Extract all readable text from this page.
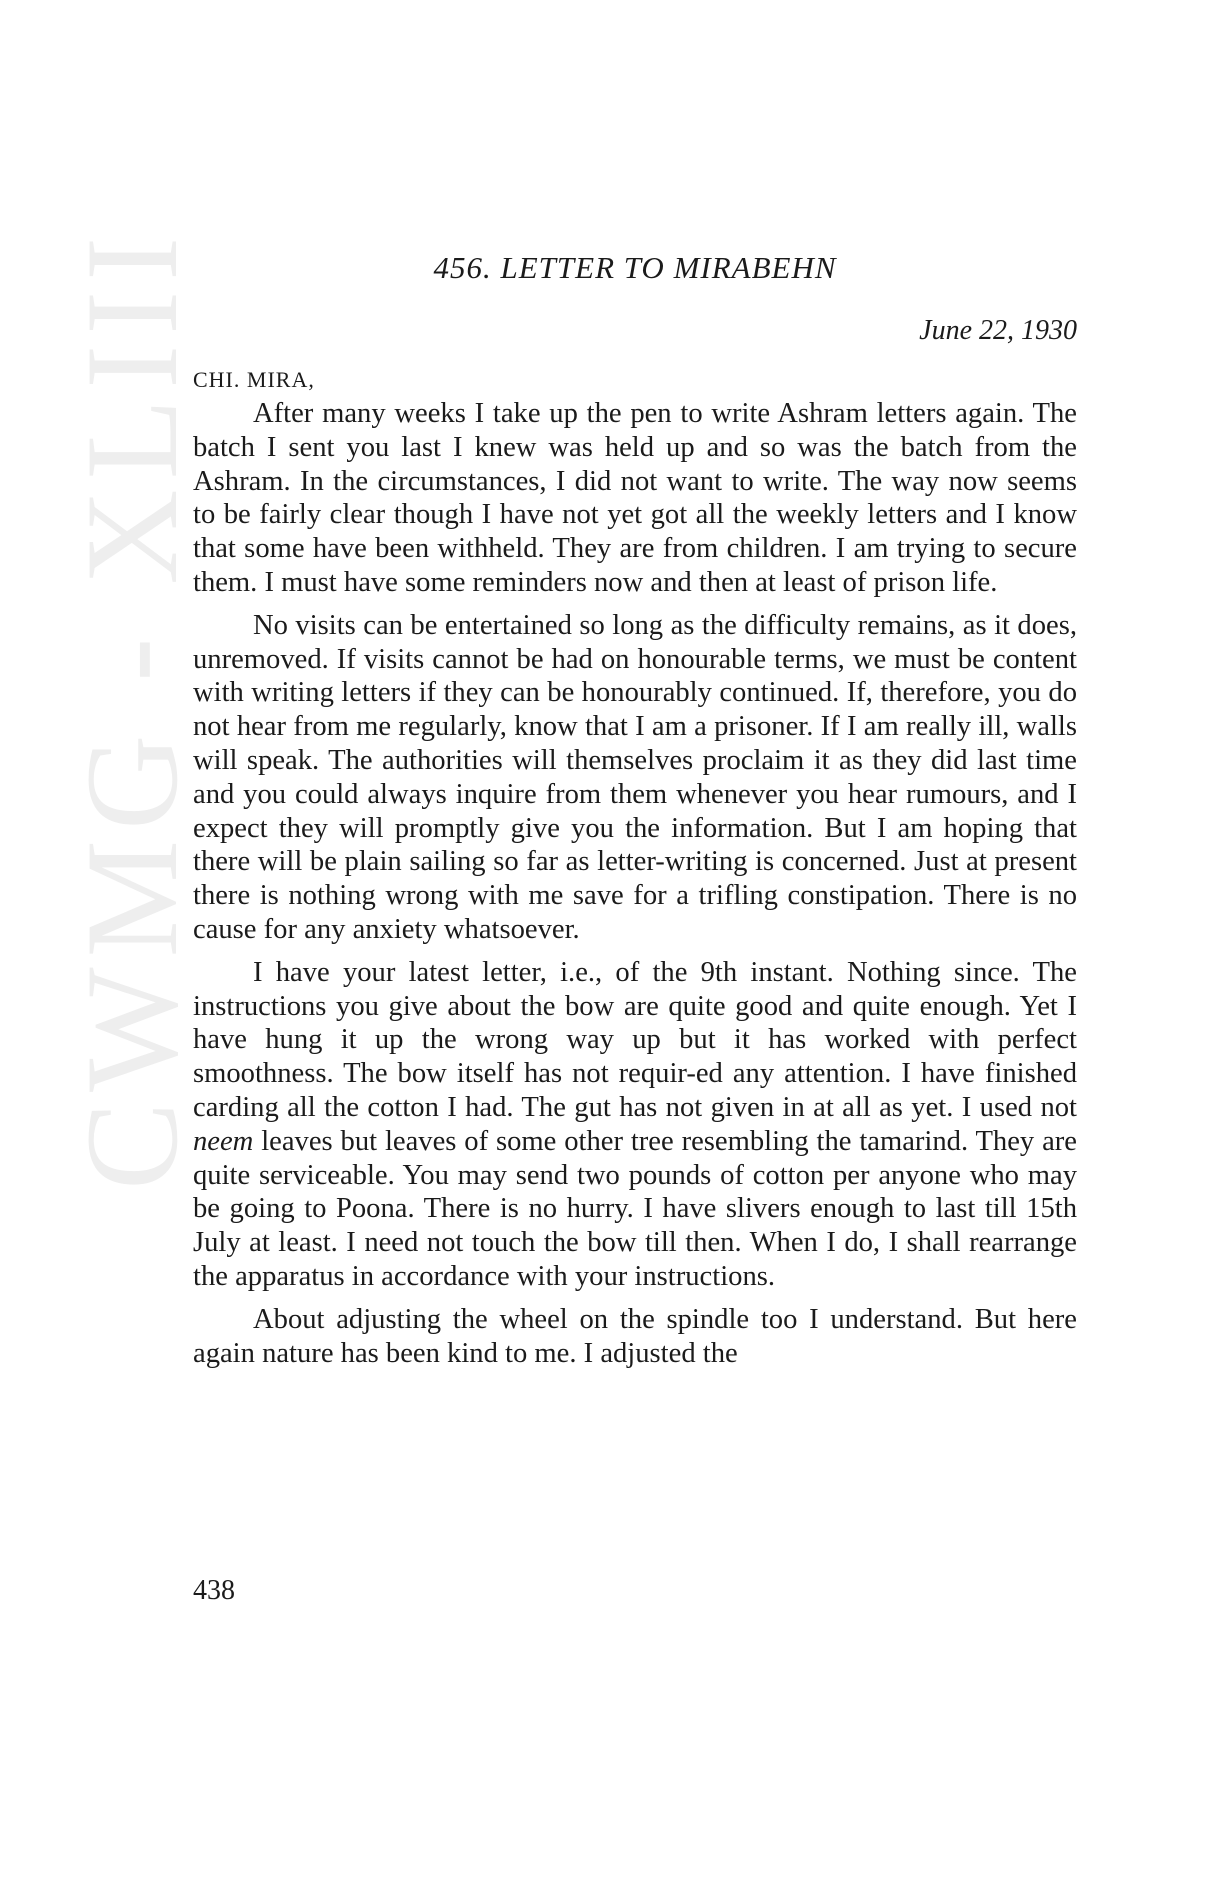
CWMG - XLIII	456. LETTER TO MIRABEHN
June 22, 1930
CHI. MIRA,

After many weeks I take up the pen to write Ashram letters again. The batch I sent you last I knew was held up and so was the batch from the Ashram. In the circumstances, I did not want to write. The way now seems to be fairly clear though I have not yet got all the weekly letters and I know that some have been withheld. They are from children. I am trying to secure them. I must have some reminders now and then at least of prison life.

No visits can be entertained so long as the difficulty remains, as it does, unremoved. If visits cannot be had on honourable terms, we must be content with writing letters if they can be honourably continued. If, therefore, you do not hear from me regularly, know that I am a prisoner. If I am really ill, walls will speak. The authorities will themselves proclaim it as they did last time and you could always inquire from them whenever you hear rumours, and I expect they will promptly give you the information. But I am hoping that there will be plain sailing so far as letter-writing is concerned. Just at present there is nothing wrong with me save for a trifling constipation. There is no cause for any anxiety whatsoever.

I have your latest letter, i.e., of the 9th instant. Nothing since. The instructions you give about the bow are quite good and quite enough. Yet I have hung it up the wrong way up but it has worked with perfect smoothness. The bow itself has not requir-ed any attention. I have finished carding all the cotton I had. The gut has not given in at all as yet. I used not neem leaves but leaves of some other tree resembling the tamarind. They are quite serviceable. You may send two pounds of cotton per anyone who may be going to Poona. There is no hurry. I have slivers enough to last till 15th July at least. I need not touch the bow till then. When I do, I shall rearrange the apparatus in accordance with your instructions.

About adjusting the wheel on the spindle too I understand. But here again nature has been kind to me. I adjusted the

438
